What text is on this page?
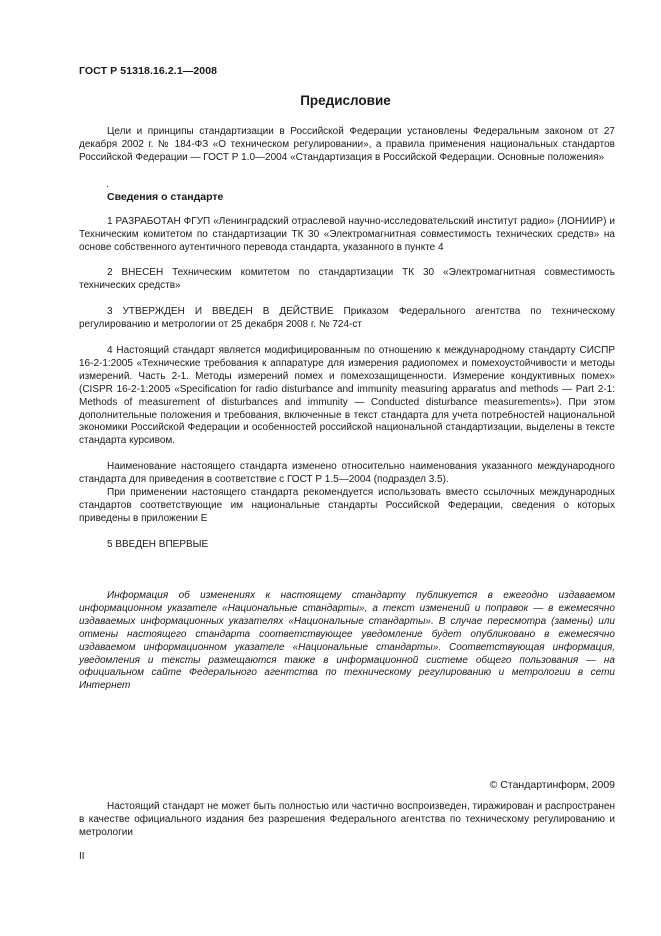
ГОСТ Р 51318.16.2.1—2008
Предисловие

Цели и принципы стандартизации в Российской Федерации установлены Федеральным законом от 27 декабря 2002 г. № 184-ФЗ «О техническом регулировании», а правила применения национальных стандартов Российской Федерации — ГОСТ Р 1.0—2004 «Стандартизация в Российской Федерации. Основные положения»

.
Сведения о стандарте

1 РАЗРАБОТАН ФГУП «Ленинградский отраслевой научно-исследовательский институт радио» (ЛОНИИР) и Техническим комитетом по стандартизации ТК 30 «Электромагнитная совместимость технических средств» на основе собственного аутентичного перевода стандарта, указанного в пункте 4

2 ВНЕСЕН Техническим комитетом по стандартизации ТК 30 «Электромагнитная совместимость технических средств»

3 УТВЕРЖДЕН И ВВЕДЕН В ДЕЙСТВИЕ Приказом Федерального агентства по техническому регулированию и метрологии от 25 декабря 2008 г. № 724-ст

4 Настоящий стандарт является модифицированным по отношению к международному стандарту СИСПР 16-2-1:2005 «Технические требования к аппаратуре для измерения радиопомех и помехоустойчивости и методы измерений. Часть 2-1. Методы измерений помех и помехозащищенности. Измерение кондуктивных помех» (CISPR 16-2-1:2005 «Specification for radio disturbance and immunity measuring apparatus and methods — Part 2-1: Methods of measurement of disturbances and immunity — Conducted disturbance measurements»). При этом дополнительные положения и требования, включенные в текст стандарта для учета потребностей национальной экономики Российской Федерации и особенностей российской национальной стандартизации, выделены в тексте стандарта курсивом.

Наименование настоящего стандарта изменено относительно наименования указанного международного стандарта для приведения в соответствие с ГОСТ Р 1.5—2004 (подраздел 3.5).

При применении настоящего стандарта рекомендуется использовать вместо ссылочных международных стандартов соответствующие им национальные стандарты Российской Федерации, сведения о которых приведены в приложении Е

5 ВВЕДЕН ВПЕРВЫЕ

Информация об изменениях к настоящему стандарту публикуется в ежегодно издаваемом информационном указателе «Национальные стандарты», а текст изменений и поправок — в ежемесячно издаваемых информационных указателях «Национальные стандарты». В случае пересмотра (замены) или отмены настоящего стандарта соответствующее уведомление будет опубликовано в ежемесячно издаваемом информационном указателе «Национальные стандарты». Соответствующая информация, уведомления и тексты размещаются также в информационной системе общего пользования — на официальном сайте Федерального агентства по техническому регулированию и метрологии в сети Интернет

© Стандартинформ, 2009

Настоящий стандарт не может быть полностью или частично воспроизведен, тиражирован и распространен в качестве официального издания без разрешения Федерального агентства по техническому регулированию и метрологии

II
